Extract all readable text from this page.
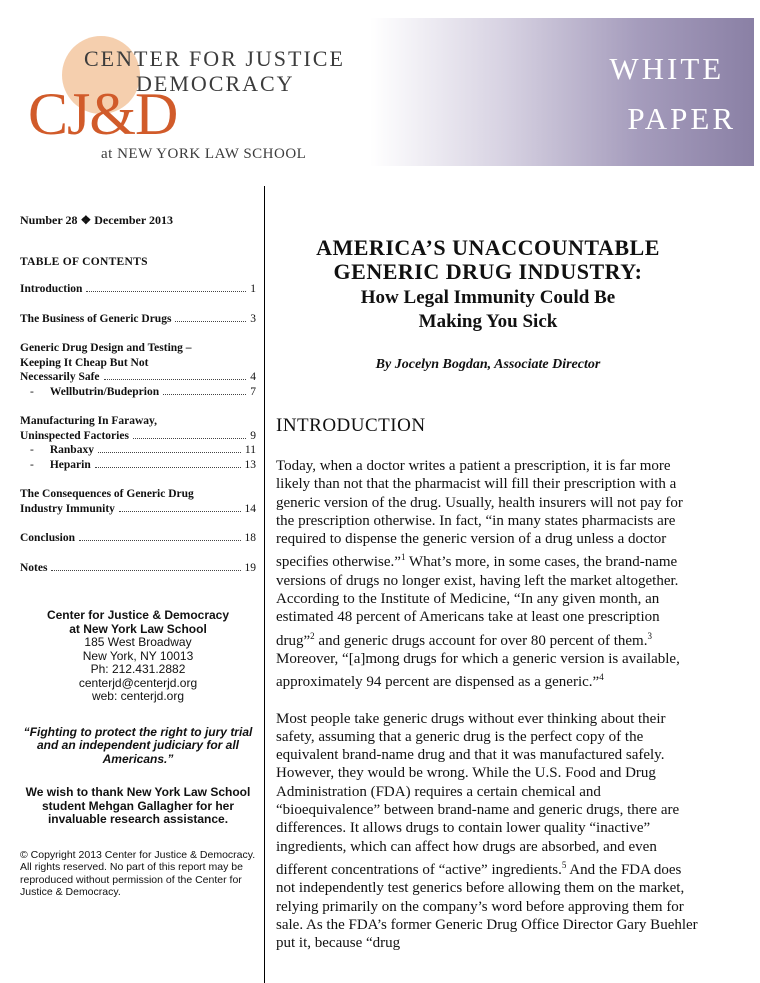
CENTER FOR JUSTICE
DEMOCRACY
CJ&D
at NEW YORK LAW SCHOOL
WHITE
PAPER
Number 28 ❖ December 2013
TABLE OF CONTENTS
Introduction	1
The Business of Generic Drugs	3
Generic Drug Design and Testing –
Keeping It Cheap But Not
Necessarily Safe	4
- Wellbutrin/Budeprion	7
Manufacturing In Faraway,
Uninspected Factories	9
- Ranbaxy	11
- Heparin	13
The Consequences of Generic Drug
Industry Immunity	14
Conclusion	18
Notes	19
Center for Justice & Democracy
at New York Law School
185 West Broadway
New York, NY 10013
Ph: 212.431.2882
centerjd@centerjd.org
web: centerjd.org
“Fighting to protect the right to jury trial and an independent judiciary for all Americans.”
We wish to thank New York Law School student Mehgan Gallagher for her invaluable research assistance.
© Copyright 2013 Center for Justice & Democracy. All rights reserved. No part of this report may be reproduced without permission of the Center for Justice & Democracy.
AMERICA’S UNACCOUNTABLE
GENERIC DRUG INDUSTRY:
How Legal Immunity Could Be
Making You Sick
By Jocelyn Bogdan, Associate Director
INTRODUCTION
Today, when a doctor writes a patient a prescription, it is far more likely than not that the pharmacist will fill their prescription with a generic version of the drug. Usually, health insurers will not pay for the prescription otherwise. In fact, “in many states pharmacists are required to dispense the generic version of a drug unless a doctor specifies otherwise.”$^1$ What’s more, in some cases, the brand-name versions of drugs no longer exist, having left the market altogether. According to the Institute of Medicine, “In any given month, an estimated 48 percent of Americans take at least one prescription drug”$^2$ and generic drugs account for over 80 percent of them.$^3$ Moreover, “[a]mong drugs for which a generic version is available, approximately 94 percent are dispensed as a generic.”$^4$
Most people take generic drugs without ever thinking about their safety, assuming that a generic drug is the perfect copy of the equivalent brand-name drug and that it was manufactured safely. However, they would be wrong. While the U.S. Food and Drug Administration (FDA) requires a certain chemical and “bioequivalence” between brand-name and generic drugs, there are differences. It allows drugs to contain lower quality “inactive” ingredients, which can affect how drugs are absorbed, and even different concentrations of “active” ingredients.$^5$ And the FDA does not independently test generics before allowing them on the market, relying primarily on the company’s word before approving them for sale. As the FDA’s former Generic Drug Office Director Gary Buehler put it, because “drug
